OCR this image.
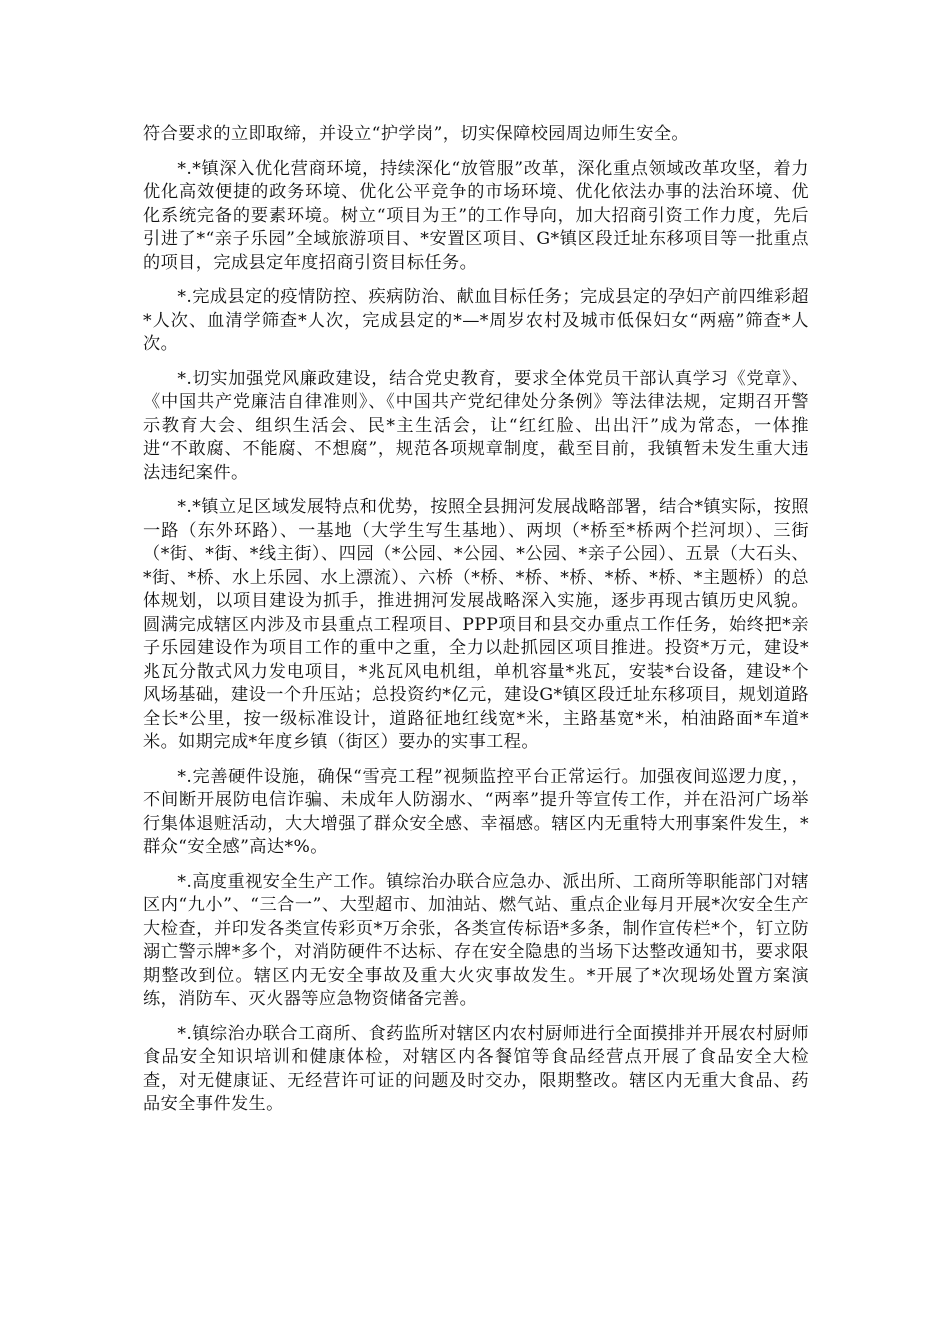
符合要求的立即取缔，并设立“护学岗”，切实保障校园周边师生安全。

*.*镇深入优化营商环境，持续深化“放管服”改革，深化重点领域改革攻坚，着力优化高效便捷的政务环境、优化公平竞争的市场环境、优化依法办事的法治环境、优化系统完备的要素环境。树立“项目为王”的工作导向，加大招商引资工作力度，先后引进了*“亲子乐园”全域旅游项目、*安置区项目、G*镇区段迁址东移项目等一批重点的项目，完成县定年度招商引资目标任务。

*.完成县定的疫情防控、疾病防治、献血目标任务；完成县定的孕妇产前四维彩超*人次、血清学筛查*人次，完成县定的*—*周岁农村及城市低保妇女“两癌”筛查*人次。

*.切实加强党风廉政建设，结合党史教育，要求全体党员干部认真学习《党章》、《中国共产党廉洁自律准则》、《中国共产党纪律处分条例》等法律法规，定期召开警示教育大会、组织生活会、民*主生活会，让“红红脸、出出汗”成为常态，一体推进“不敢腐、不能腐、不想腐”，规范各项规章制度，截至目前，我镇暂未发生重大违法违纪案件。

*.*镇立足区域发展特点和优势，按照全县拥河发展战略部署，结合*镇实际，按照一路（东外环路）、一基地（大学生写生基地）、两坝（*桥至*桥两个拦河坝）、三街（*街、*街、*线主街）、四园（*公园、*公园、*公园、*亲子公园）、五景（大石头、*街、*桥、水上乐园、水上漂流）、六桥（*桥、*桥、*桥、*桥、*桥、*主题桥）的总体规划，以项目建设为抓手，推进拥河发展战略深入实施，逐步再现古镇历史风貌。圆满完成辖区内涉及市县重点工程项目、PPP项目和县交办重点工作任务，始终把*亲子乐园建设作为项目工作的重中之重，全力以赴抓园区项目推进。投资*万元，建设*兆瓦分散式风力发电项目，*兆瓦风电机组，单机容量*兆瓦，安装*台设备，建设*个风场基础，建设一个升压站；总投资约*亿元，建设G*镇区段迁址东移项目，规划道路全长*公里，按一级标准设计，道路征地红线宽*米，主路基宽*米，柏油路面*车道*米。如期完成*年度乡镇（街区）要办的实事工程。

*.完善硬件设施，确保“雪亮工程”视频监控平台正常运行。加强夜间巡逻力度，，不间断开展防电信诈骗、未成年人防溺水、“两率”提升等宣传工作，并在沿河广场举行集体退赃活动，大大增强了群众安全感、幸福感。辖区内无重特大刑事案件发生，*群众“安全感”高达*%。

*.高度重视安全生产工作。镇综治办联合应急办、派出所、工商所等职能部门对辖区内“九小”、“三合一”、大型超市、加油站、燃气站、重点企业每月开展*次安全生产大检查，并印发各类宣传彩页*万余张，各类宣传标语*多条，制作宣传栏*个，钉立防溺亡警示牌*多个，对消防硬件不达标、存在安全隐患的当场下达整改通知书，要求限期整改到位。辖区内无安全事故及重大火灾事故发生。*开展了*次现场处置方案演练，消防车、灭火器等应急物资储备完善。

*.镇综治办联合工商所、食药监所对辖区内农村厨师进行全面摸排并开展农村厨师食品安全知识培训和健康体检，对辖区内各餐馆等食品经营点开展了食品安全大检查，对无健康证、无经营许可证的问题及时交办，限期整改。辖区内无重大食品、药品安全事件发生。
